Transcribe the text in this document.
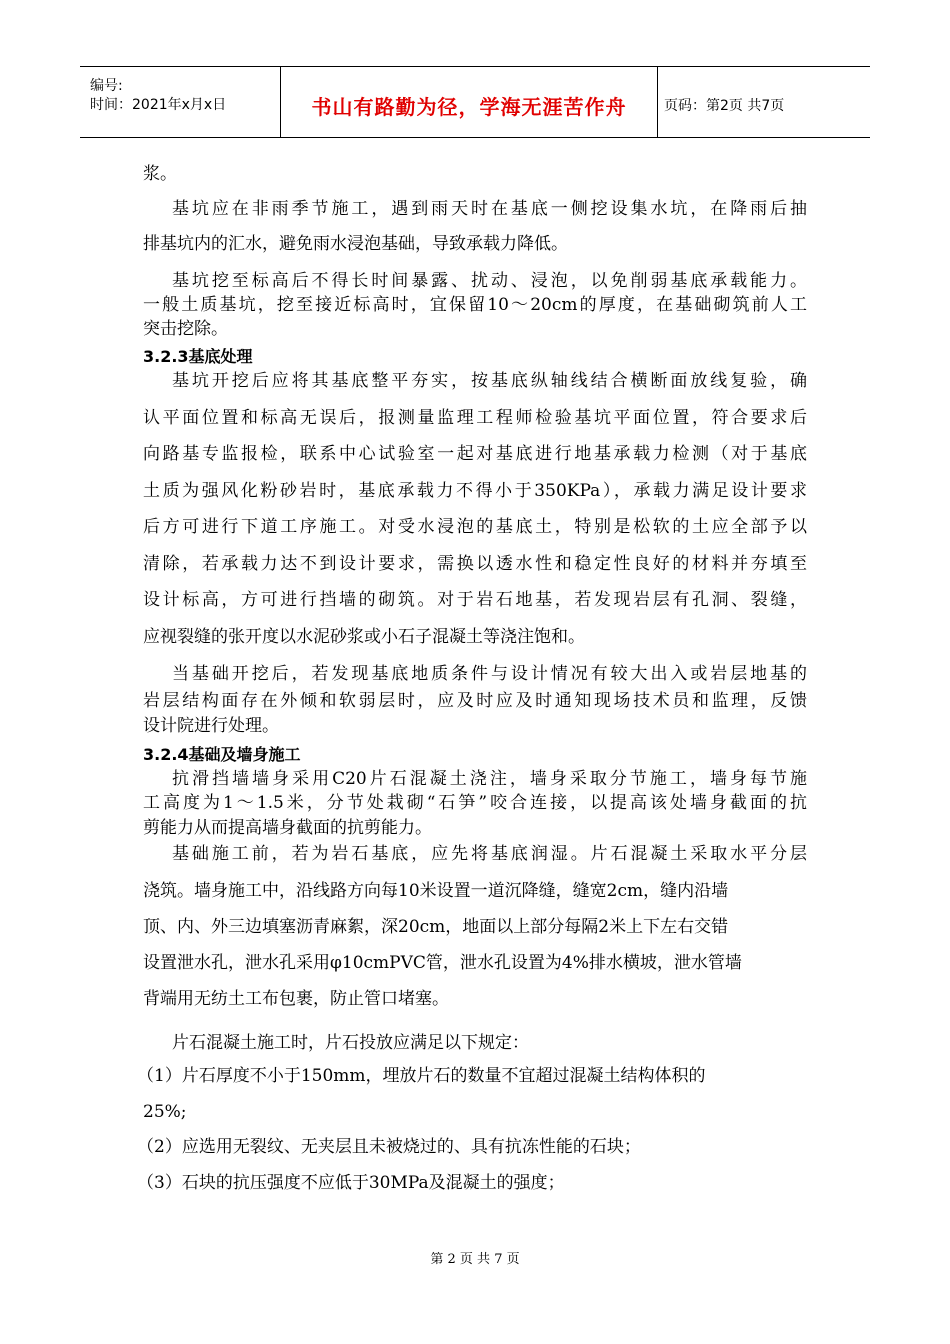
编号:
时间：2021年x月x日	书山有路勤为径，学海无涯苦作舟	页码：第2页 共7页
浆。
基坑应在非雨季节施工，遇到雨天时在基底一侧挖设集水坑，在降雨后抽
排基坑内的汇水，避免雨水浸泡基础，导致承载力降低。
基坑挖至标高后不得长时间暴露、扰动、浸泡，以免削弱基底承载能力。
一般土质基坑，挖至接近标高时，宜保留10～20cm的厚度，在基础砌筑前人工
突击挖除。
3.2.3基底处理
基坑开挖后应将其基底整平夯实，按基底纵轴线结合横断面放线复验，确
认平面位置和标高无误后，报测量监理工程师检验基坑平面位置，符合要求后
向路基专监报检，联系中心试验室一起对基底进行地基承载力检测（对于基底
土质为强风化粉砂岩时，基底承载力不得小于350KPa），承载力满足设计要求
后方可进行下道工序施工。对受水浸泡的基底土，特别是松软的土应全部予以
清除，若承载力达不到设计要求，需换以透水性和稳定性良好的材料并夯填至
设计标高，方可进行挡墙的砌筑。对于岩石地基，若发现岩层有孔洞、裂缝，
应视裂缝的张开度以水泥砂浆或小石子混凝土等浇注饱和。
当基础开挖后，若发现基底地质条件与设计情况有较大出入或岩层地基的
岩层结构面存在外倾和软弱层时，应及时应及时通知现场技术员和监理，反馈
设计院进行处理。
3.2.4基础及墙身施工
抗滑挡墙墙身采用C20片石混凝土浇注，墙身采取分节施工，墙身每节施
工高度为1～1.5米，分节处栽砌“石笋”咬合连接，以提高该处墙身截面的抗
剪能力从而提高墙身截面的抗剪能力。
基础施工前，若为岩石基底，应先将基底润湿。片石混凝土采取水平分层
浇筑。墙身施工中，沿线路方向每10米设置一道沉降缝，缝宽2cm，缝内沿墙
顶、内、外三边填塞沥青麻絮，深20cm，地面以上部分每隔2米上下左右交错
设置泄水孔，泄水孔采用φ10cmPVC管，泄水孔设置为4%排水横坡，泄水管墙
背端用无纺土工布包裹，防止管口堵塞。
片石混凝土施工时，片石投放应满足以下规定：
（1）片石厚度不小于150mm，埋放片石的数量不宜超过混凝土结构体积的
25%;
（2）应选用无裂纹、无夹层且未被烧过的、具有抗冻性能的石块；
（3）石块的抗压强度不应低于30MPa及混凝土的强度；
第 2 页 共 7 页
